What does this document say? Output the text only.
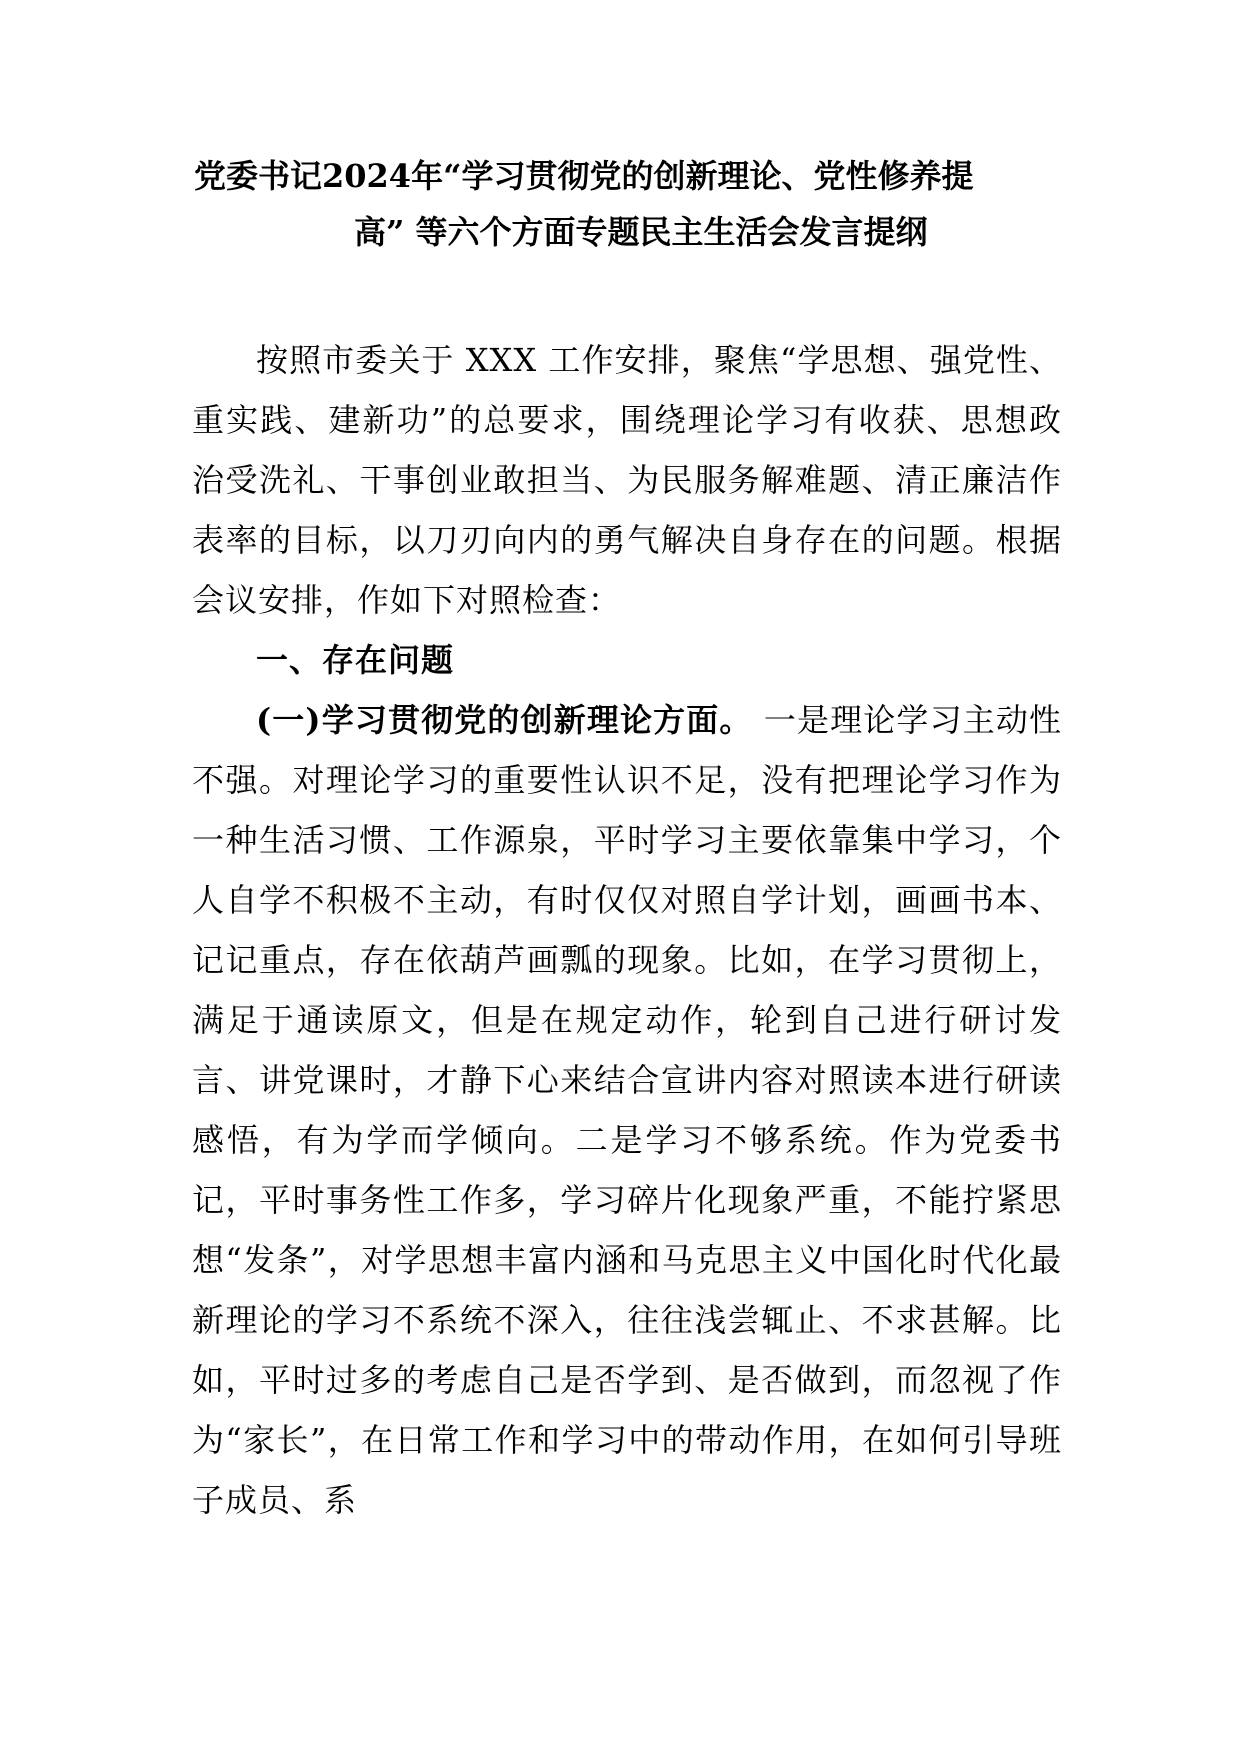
党委书记2024年“学习贯彻党的创新理论、党性修养提
高” 等六个方面专题民主生活会发言提纲

按照市委关于 XXX 工作安排，聚焦“学思想、强党性、重实践、建新功”的总要求，围绕理论学习有收获、思想政治受洗礼、干事创业敢担当、为民服务解难题、清正廉洁作表率的目标，以刀刃向内的勇气解决自身存在的问题。根据会议安排，作如下对照检查：

一、存在问题

(一)学习贯彻党的创新理论方面。 一是理论学习主动性不强。对理论学习的重要性认识不足，没有把理论学习作为一种生活习惯、工作源泉，平时学习主要依靠集中学习，个人自学不积极不主动，有时仅仅对照自学计划，画画书本、记记重点，存在依葫芦画瓢的现象。比如，在学习贯彻上，满足于通读原文，但是在规定动作，轮到自己进行研讨发言、讲党课时，才静下心来结合宣讲内容对照读本进行研读感悟，有为学而学倾向。二是学习不够系统。作为党委书记，平时事务性工作多，学习碎片化现象严重，不能拧紧思想“发条”，对学思想丰富内涵和马克思主义中国化时代化最新理论的学习不系统不深入，往往浅尝辄止、不求甚解。比如，平时过多的考虑自己是否学到、是否做到，而忽视了作为“家长”，在日常工作和学习中的带动作用，在如何引导班子成员、系
